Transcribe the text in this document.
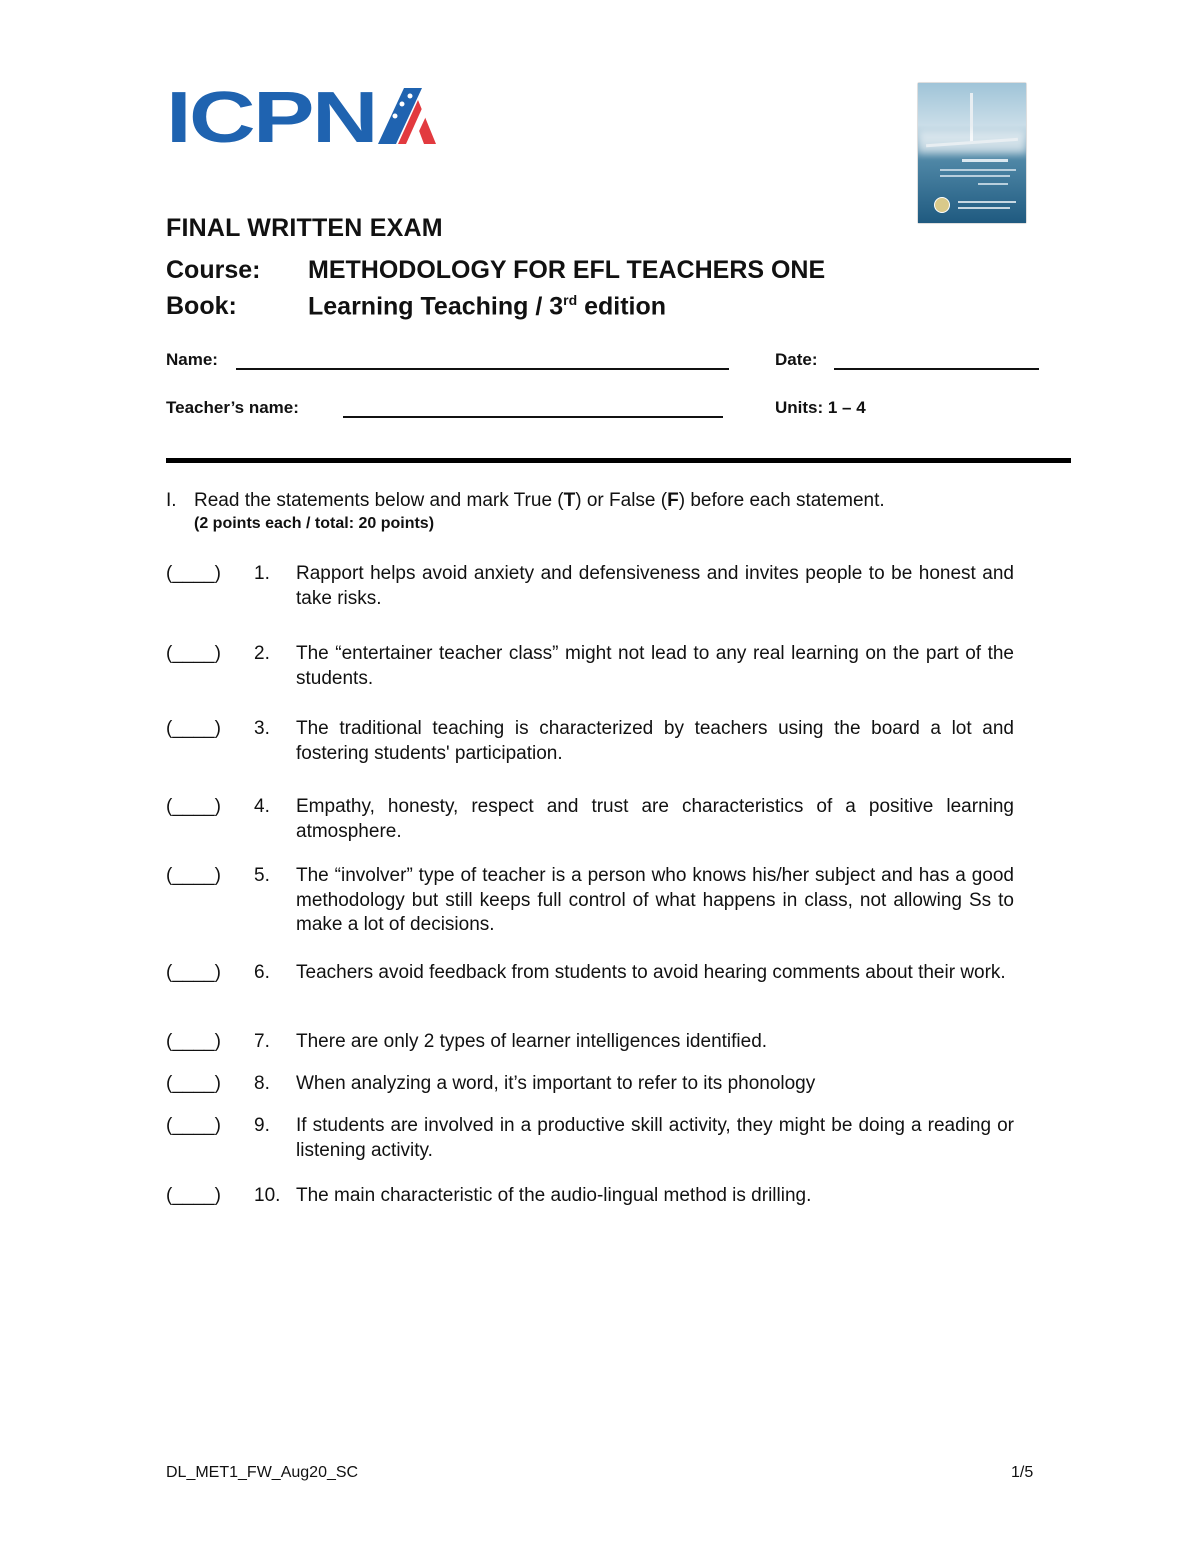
ICPN
FINAL WRITTEN EXAM
Course: METHODOLOGY FOR EFL TEACHERS ONE
Book:	Learning Teaching / 3rd edition
Name:	Date:
Teacher’s name:	Units: 1 – 4
I. Read the statements below and mark True (T) or False (F) before each statement.
(2 points each / total: 20 points)
(____) 1. Rapport helps avoid anxiety and defensiveness and invites people to be honest and take risks.
(____) 2. The “entertainer teacher class” might not lead to any real learning on the part of the students.
(____) 3. The traditional teaching is characterized by teachers using the board a lot and fostering students' participation.
(____) 4. Empathy, honesty, respect and trust are characteristics of a positive learning atmosphere.
(____) 5. The “involver” type of teacher is a person who knows his/her subject and has a good methodology but still keeps full control of what happens in class, not allowing Ss to make a lot of decisions.
(____) 6. Teachers avoid feedback from students to avoid hearing comments about their work.
(____) 7. There are only 2 types of learner intelligences identified.
(____) 8. When analyzing a word, it’s important to refer to its phonology
(____) 9. If students are involved in a productive skill activity, they might be doing a reading or listening activity.
(____) 10. The main characteristic of the audio-lingual method is drilling.
DL_MET1_FW_Aug20_SC	1/5
